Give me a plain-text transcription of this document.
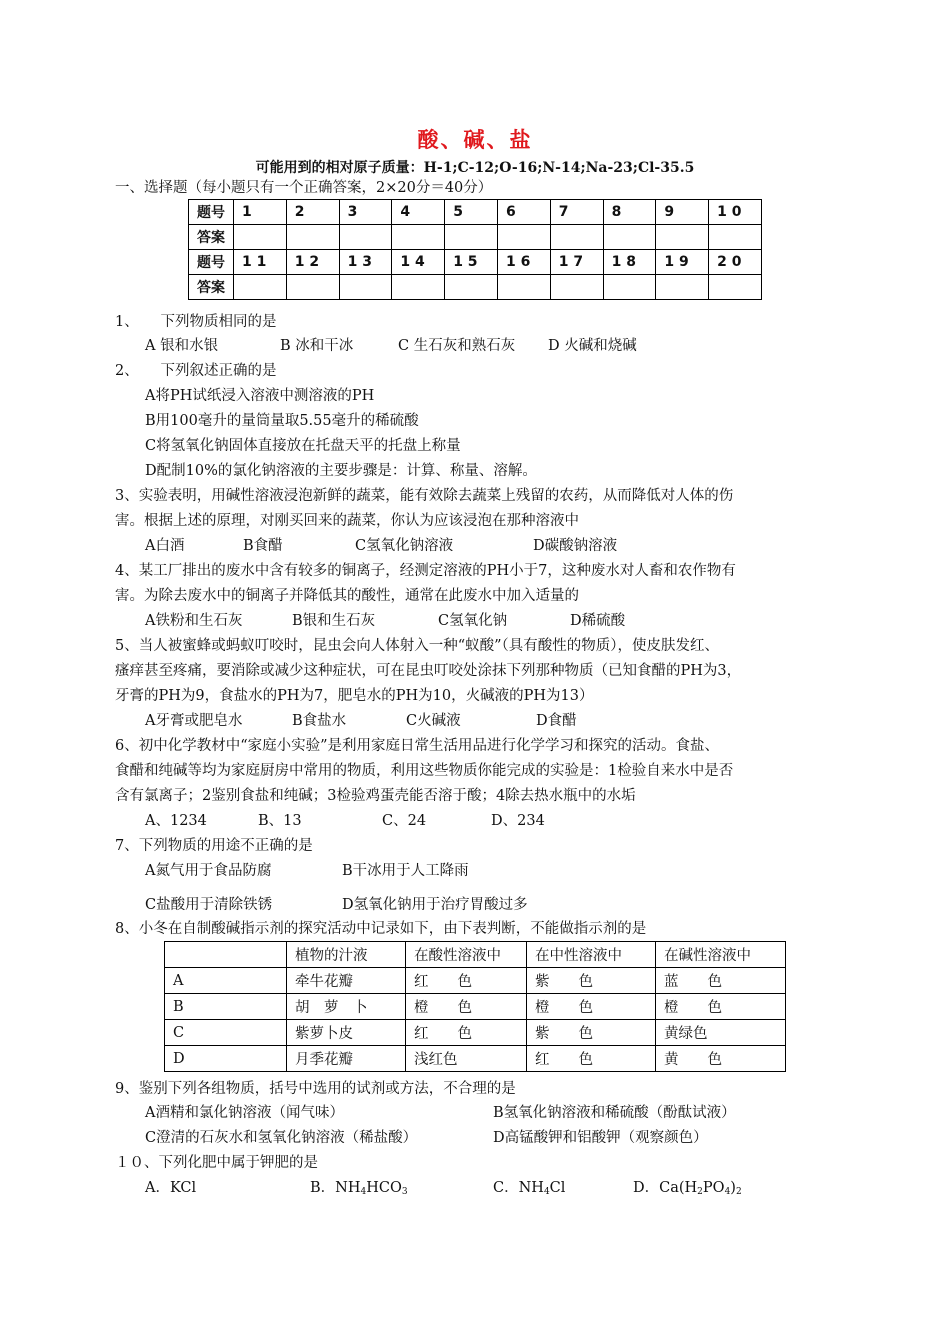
酸、碱、盐
可能用到的相对原子质量：H-1;C-12;O-16;N-14;Na-23;Cl-35.5
一、选择题（每小题只有一个正确答案，2×20分＝40分）
题号	1	2	3	4	5	6	7	8	9	1 0
答案										
题号	1 1	1 2	1 3	1 4	1 5	1 6	1 7	1 8	1 9	2 0
答案										
1、　　下列物质相同的是
A 银和水银	B 冰和干冰	C 生石灰和熟石灰 D 火碱和烧碱
2、　　下列叙述正确的是
A将PH试纸浸入溶液中测溶液的PH
B用100毫升的量筒量取5.55毫升的稀硫酸
C将氢氧化钠固体直接放在托盘天平的托盘上称量
D配制10%的氯化钠溶液的主要步骤是：计算、称量、溶解。
3、实验表明，用碱性溶液浸泡新鲜的蔬菜，能有效除去蔬菜上残留的农药，从而降低对人体的伤
害。根据上述的原理，对刚买回来的蔬菜，你认为应该浸泡在那种溶液中
A白酒	B食醋	C氢氧化钠溶液	D碳酸钠溶液
4、某工厂排出的废水中含有较多的铜离子，经测定溶液的PH小于7，这种废水对人畜和农作物有
害。为除去废水中的铜离子并降低其的酸性，通常在此废水中加入适量的
A铁粉和生石灰	B银和生石灰	C氢氧化钠	D稀硫酸
5、当人被蜜蜂或蚂蚁叮咬时，昆虫会向人体射入一种“蚁酸”（具有酸性的物质），使皮肤发红、
瘙痒甚至疼痛，要消除或减少这种症状，可在昆虫叮咬处涂抹下列那种物质（已知食醋的PH为3，
牙膏的PH为9，食盐水的PH为7，肥皂水的PH为10，火碱液的PH为13）
A牙膏或肥皂水	B食盐水	C火碱液	D食醋
6、初中化学教材中“家庭小实验”是利用家庭日常生活用品进行化学学习和探究的活动。食盐、
食醋和纯碱等均为家庭厨房中常用的物质，利用这些物质你能完成的实验是：1检验自来水中是否
含有氯离子；2鉴别食盐和纯碱；3检验鸡蛋壳能否溶于酸；4除去热水瓶中的水垢
A、1234	B、13	C、24	D、234
7、下列物质的用途不正确的是
A氮气用于食品防腐	B干冰用于人工降雨
C盐酸用于清除铁锈	D氢氧化钠用于治疗胃酸过多
8、小冬在自制酸碱指示剂的探究活动中记录如下，由下表判断，不能做指示剂的是
	植物的汁液	在酸性溶液中	在中性溶液中	在碱性溶液中
A	牵牛花瓣	红　　色	紫　　色	蓝　　色
B	胡　萝　卜	橙　　色	橙　　色	橙　　色
C	紫萝卜皮	红　　色	紫　　色	黄绿色
D	月季花瓣	浅红色	红　　色	黄　　色
9、鉴别下列各组物质，括号中选用的试剂或方法，不合理的是
A酒精和氯化钠溶液（闻气味）	B氢氧化钠溶液和稀硫酸（酚酞试液）
C澄清的石灰水和氢氧化钠溶液（稀盐酸）	D高锰酸钾和铝酸钾（观察颜色）
１０、下列化肥中属于钾肥的是
A．KCl	B．$NH_4HCO_3$	C．$NH_4Cl$	D．$Ca(H_2PO_4)_2$
